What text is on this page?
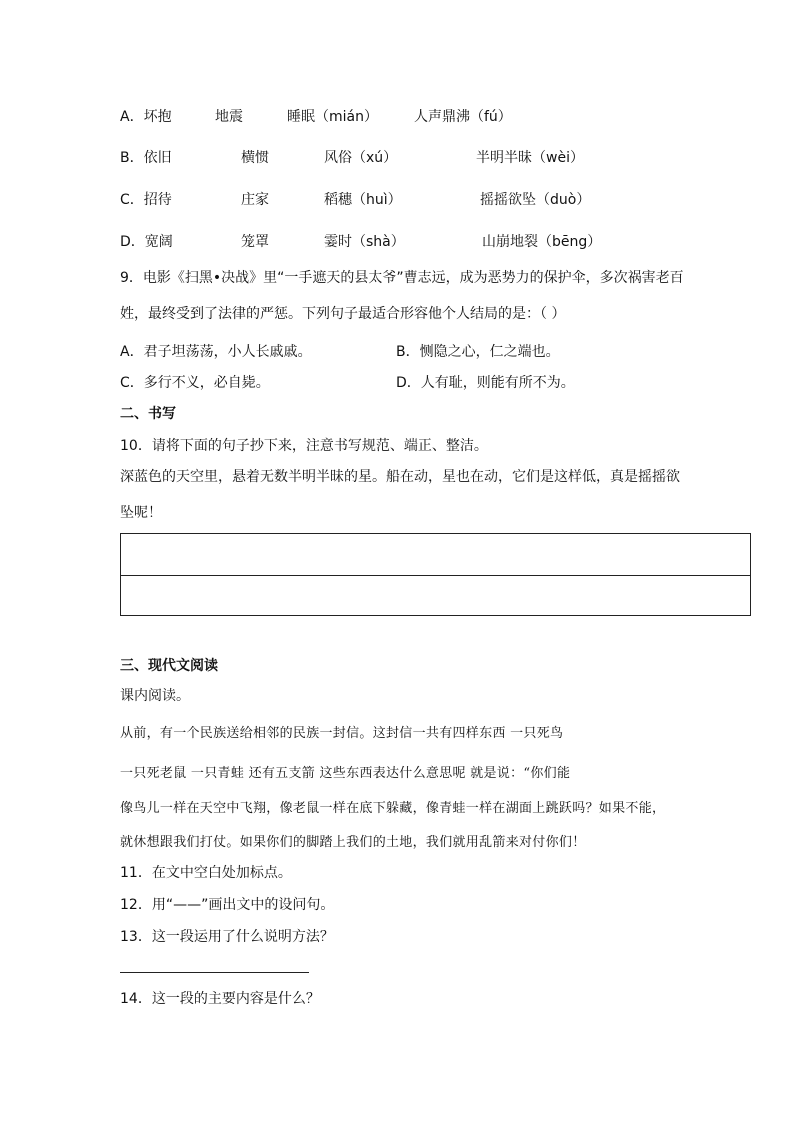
A．坏抱	地震	睡眠（mián）	人声鼎沸（fú）
B．依旧	横惯	风俗（xú）	半明半昧（wèi）
C．招待	庄家	稻穗（huì）	摇摇欲坠（duò）
D．宽阔	笼罩	霎时（shà）	山崩地裂（bēng）
9．电影《扫黑•决战》里“一手遮天的县太爷”曹志远，成为恶势力的保护伞，多次祸害老百
姓，最终受到了法律的严惩。下列句子最适合形容他个人结局的是：（ ）
A．君子坦荡荡，小人长戚戚。	B．恻隐之心，仁之端也。
C．多行不义，必自毙。	D．人有耻，则能有所不为。
二、书写
10．请将下面的句子抄下来，注意书写规范、端正、整洁。
深蓝色的天空里，悬着无数半明半昧的星。船在动，星也在动，它们是这样低，真是摇摇欲
坠呢！
三、现代文阅读
课内阅读。
从前，有一个民族送给相邻的民族一封信。这封信一共有四样东西 一只死鸟
一只死老鼠 一只青蛙 还有五支箭 这些东西表达什么意思呢 就是说：“你们能
像鸟儿一样在天空中飞翔，像老鼠一样在底下躲藏，像青蛙一样在湖面上跳跃吗？如果不能，
就休想跟我们打仗。如果你们的脚踏上我们的土地，我们就用乱箭来对付你们！
11．在文中空白处加标点。
12．用“——”画出文中的设问句。
13．这一段运用了什么说明方法？
14．这一段的主要内容是什么？
